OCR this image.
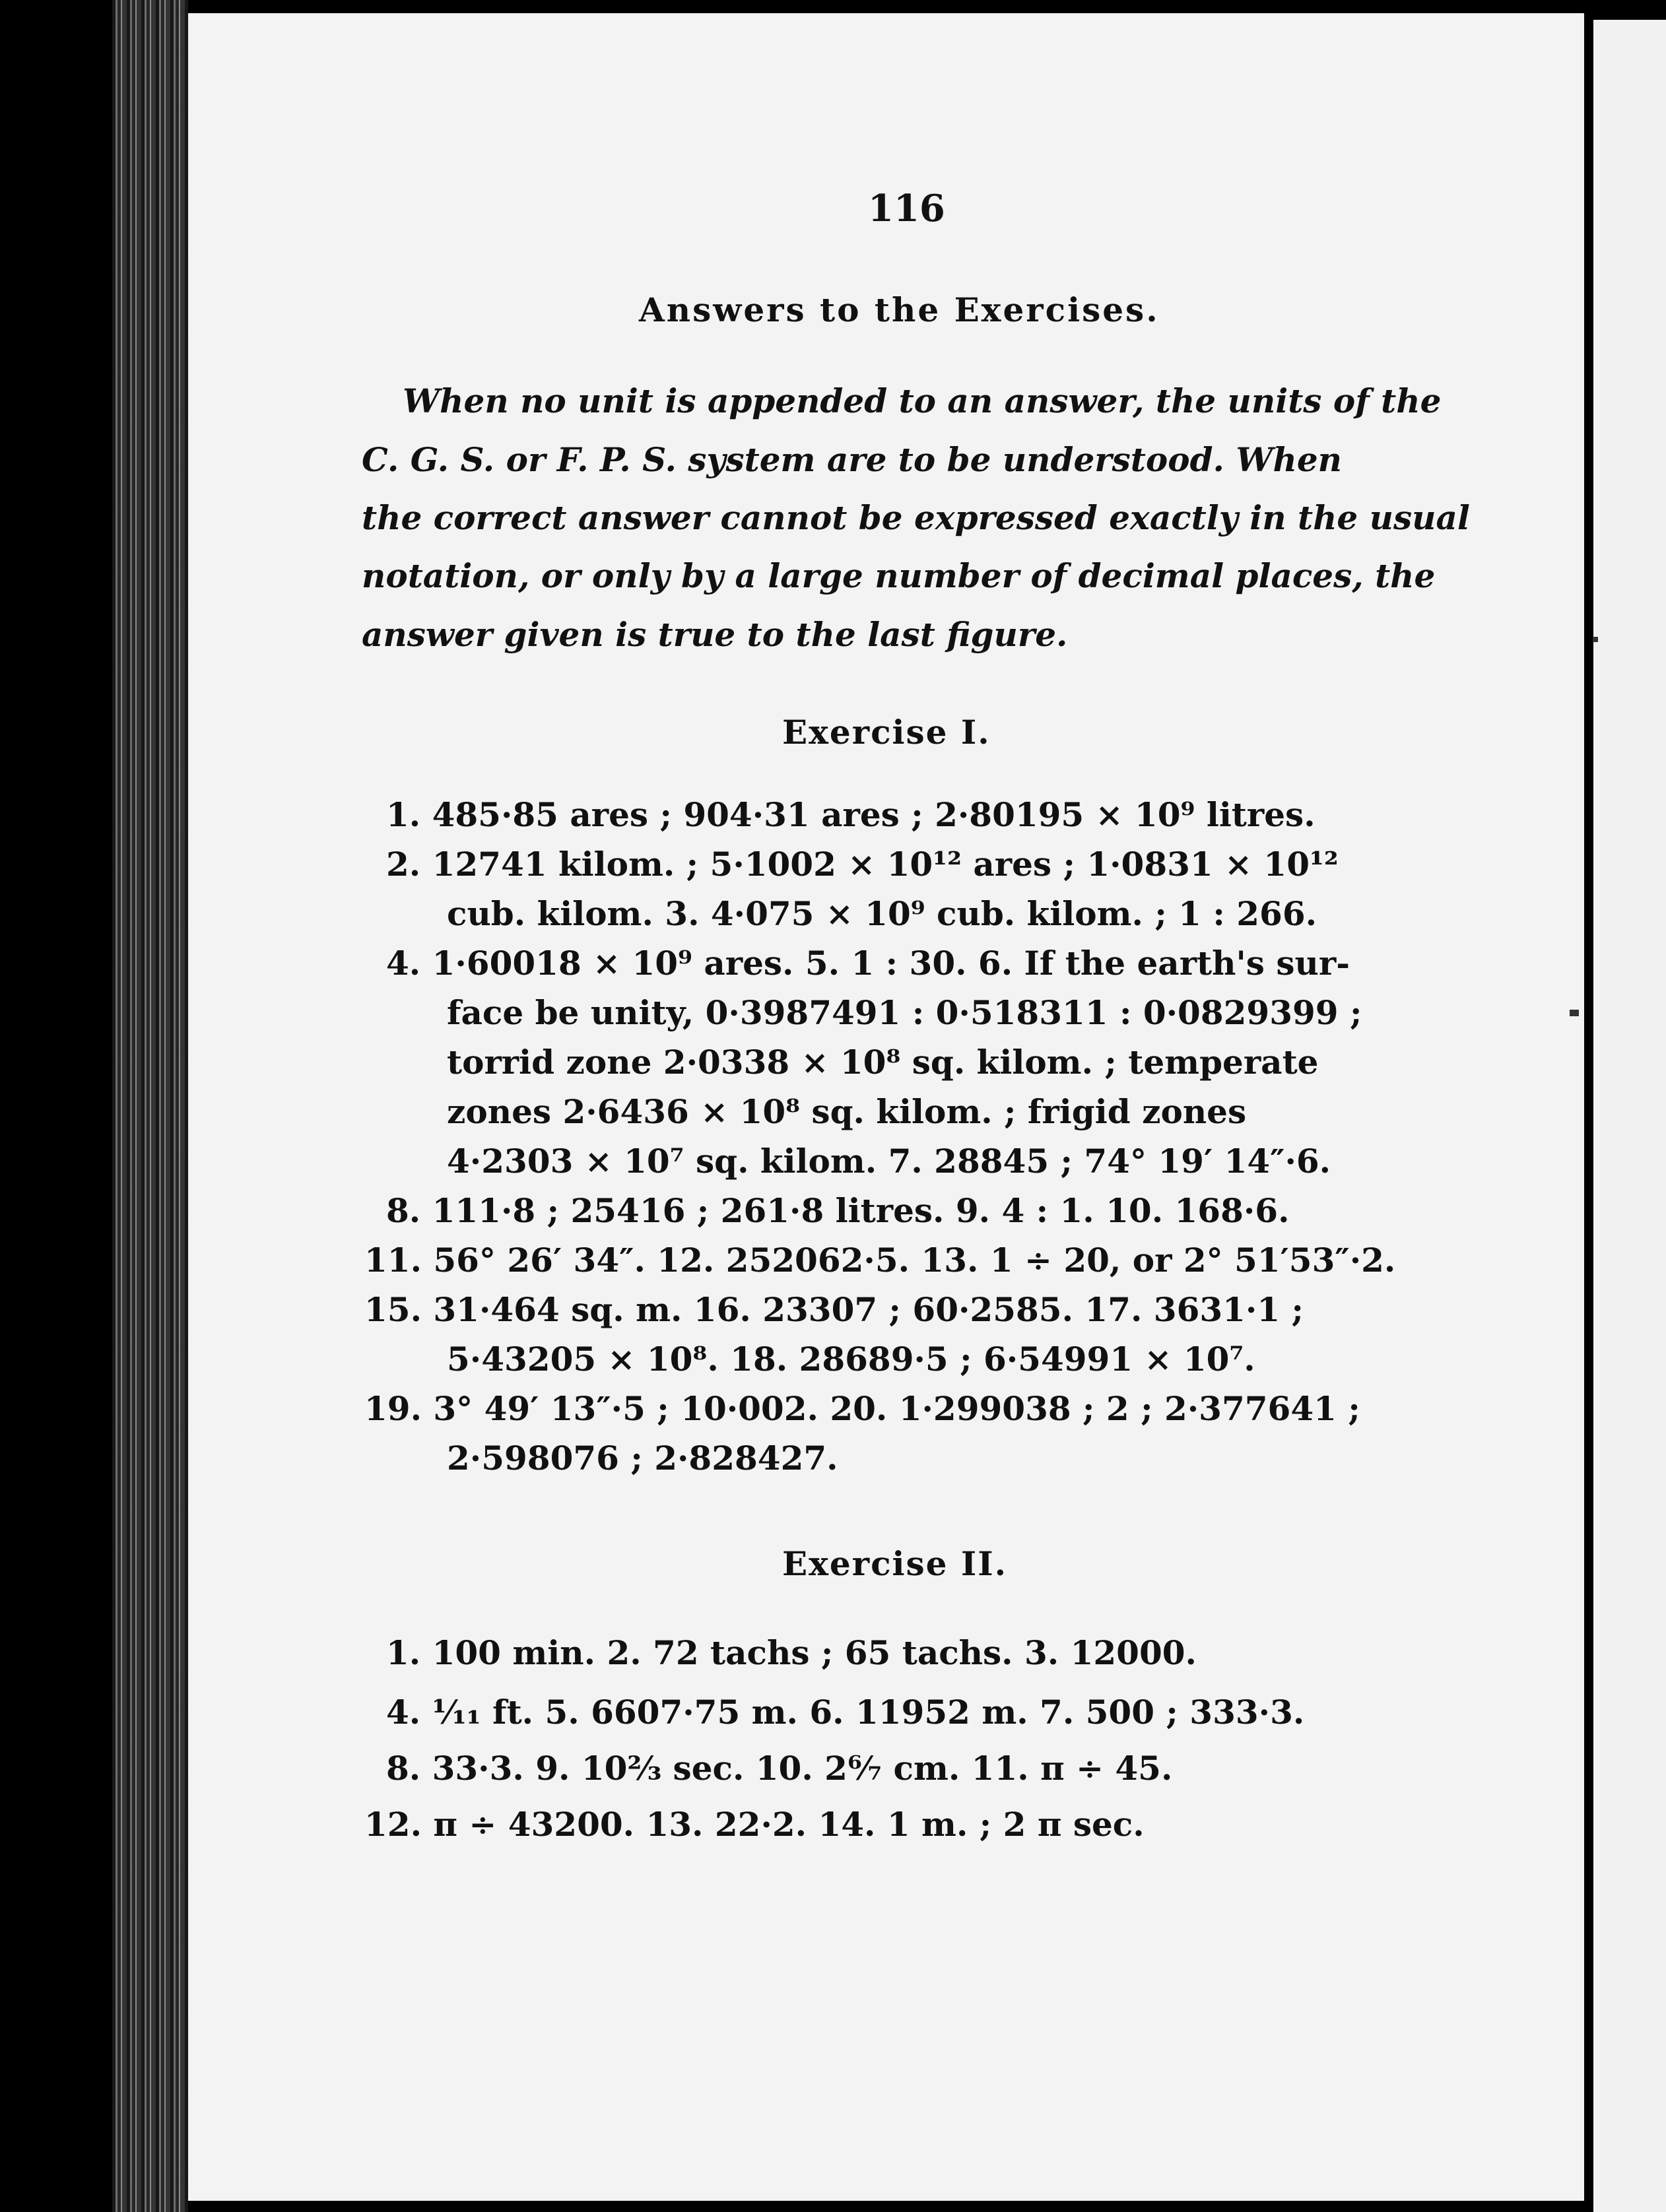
116
Answers to the Exercises.
When no unit is appended to an answer, the units of the
C. G. S. or F. P. S. system are to be understood. When
the correct answer cannot be expressed exactly in the usual
notation, or only by a large number of decimal places, the
answer given is true to the last figure.
Exercise I.
1. 485·85 ares ; 904·31 ares ; 2·80195 × 10⁹ litres.
2. 12741 kilom. ; 5·1002 × 10¹² ares ; 1·0831 × 10¹²
cub. kilom. 3. 4·075 × 10⁹ cub. kilom. ; 1 : 266.
4. 1·60018 × 10⁹ ares. 5. 1 : 30. 6. If the earth's sur-
face be unity, 0·3987491 : 0·518311 : 0·0829399 ;
torrid zone 2·0338 × 10⁸ sq. kilom. ; temperate
zones 2·6436 × 10⁸ sq. kilom. ; frigid zones
4·2303 × 10⁷ sq. kilom. 7. 28845 ; 74° 19′ 14″·6.
8. 111·8 ; 25416 ; 261·8 litres. 9. 4 : 1. 10. 168·6.
11. 56° 26′ 34″. 12. 252062·5. 13. 1 ÷ 20, or 2° 51′53″·2.
15. 31·464 sq. m. 16. 23307 ; 60·2585. 17. 3631·1 ;
5·43205 × 10⁸. 18. 28689·5 ; 6·54991 × 10⁷.
19. 3° 49′ 13″·5 ; 10·002. 20. 1·299038 ; 2 ; 2·377641 ;
2·598076 ; 2·828427.
Exercise II.
1. 100 min. 2. 72 tachs ; 65 tachs. 3. 12000.
4. ¹⁄₁₁ ft. 5. 6607·75 m. 6. 11952 m. 7. 500 ; 333·3.
8. 33·3. 9. 10⅔ sec. 10. 2⁶⁄₇ cm. 11. π ÷ 45.
12. π ÷ 43200. 13. 22·2. 14. 1 m. ; 2 π sec.
